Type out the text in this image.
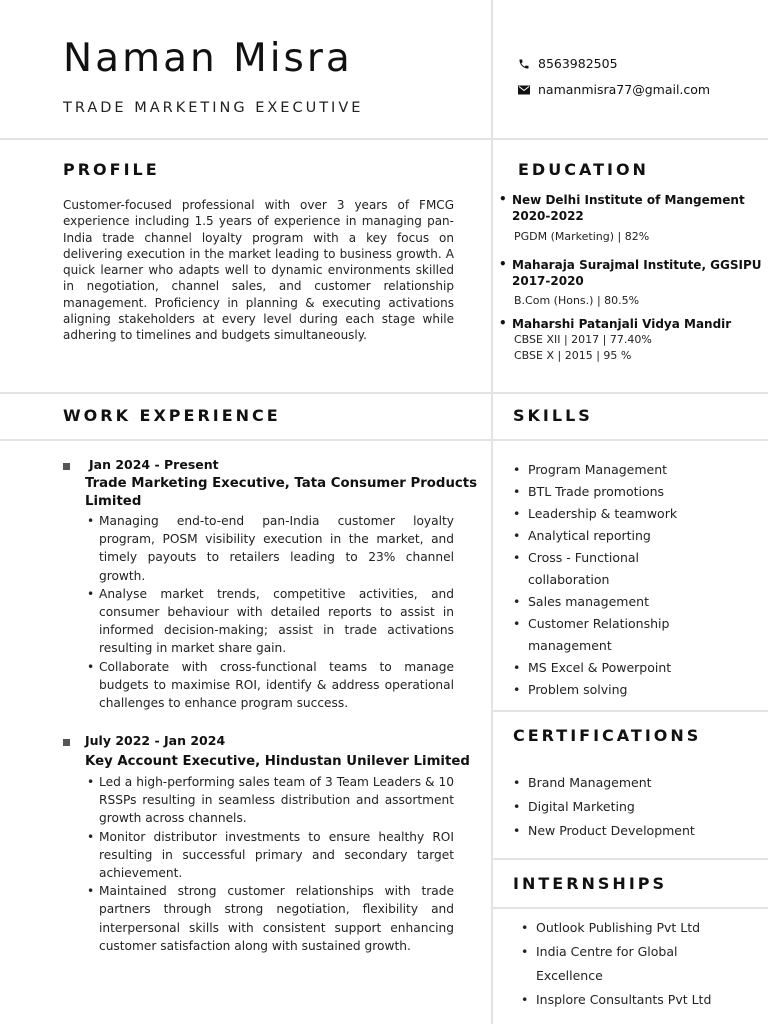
Naman Misra
TRADE MARKETING EXECUTIVE
8563982505
namanmisra77@gmail.com
PROFILE
Customer-focused professional with over 3 years of FMCG experience including 1.5 years of experience in managing pan-India trade channel loyalty program with a key focus on delivering execution in the market leading to business growth. A quick learner who adapts well to dynamic environments skilled in negotiation, channel sales, and customer relationship management. Proficiency in planning & executing activations aligning stakeholders at every level during each stage while adhering to timelines and budgets simultaneously.
EDUCATION
• New Delhi Institute of Mangement
2020-2022
PGDM (Marketing) | 82%
• Maharaja Surajmal Institute, GGSIPU
2017-2020
B.Com (Hons.) | 80.5%
• Maharshi Patanjali Vidya Mandir
CBSE XII | 2017 | 77.40%
CBSE X | 2015 | 95 %
WORK EXPERIENCE
Jan 2024 - Present
Trade Marketing Executive, Tata Consumer Products Limited
• Managing end-to-end pan-India customer loyalty program, POSM visibility execution in the market, and timely payouts to retailers leading to 23% channel growth.
• Analyse market trends, competitive activities, and consumer behaviour with detailed reports to assist in informed decision-making; assist in trade activations resulting in market share gain.
• Collaborate with cross-functional teams to manage budgets to maximise ROI, identify & address operational challenges to enhance program success.
July 2022 - Jan 2024
Key Account Executive, Hindustan Unilever Limited
• Led a high-performing sales team of 3 Team Leaders & 10 RSSPs resulting in seamless distribution and assortment growth across channels.
• Monitor distributor investments to ensure healthy ROI resulting in successful primary and secondary target achievement.
• Maintained strong customer relationships with trade partners through strong negotiation, flexibility and interpersonal skills with consistent support enhancing customer satisfaction along with sustained growth.
SKILLS
• Program Management
• BTL Trade promotions
• Leadership & teamwork
• Analytical reporting
• Cross - Functional collaboration
• Sales management
• Customer Relationship management
• MS Excel & Powerpoint
• Problem solving
CERTIFICATIONS
• Brand Management
• Digital Marketing
• New Product Development
INTERNSHIPS
• Outlook Publishing Pvt Ltd
• India Centre for Global Excellence
• Insplore Consultants Pvt Ltd
